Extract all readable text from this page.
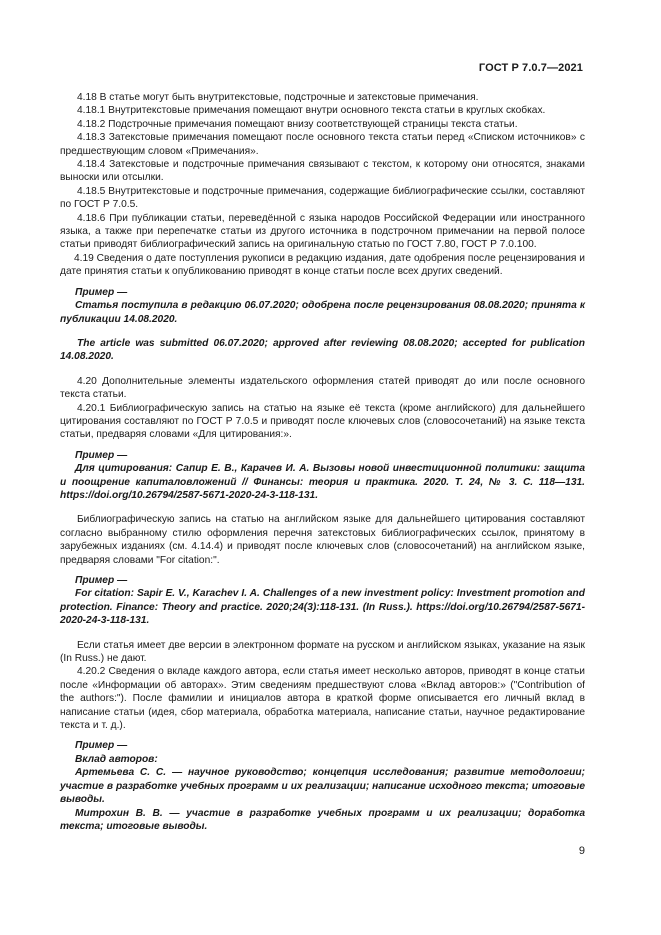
ГОСТ Р 7.0.7—2021

4.18 В статье могут быть внутритекстовые, подстрочные и затекстовые примечания.

4.18.1 Внутритекстовые примечания помещают внутри основного текста статьи в круглых скобках.

4.18.2 Подстрочные примечания помещают внизу соответствующей страницы текста статьи.

4.18.3 Затекстовые примечания помещают после основного текста статьи перед «Списком источников» с предшествующим словом «Примечания».

4.18.4 Затекстовые и подстрочные примечания связывают с текстом, к которому они относятся, знаками выноски или отсылки.

4.18.5 Внутритекстовые и подстрочные примечания, содержащие библиографические ссылки, составляют по ГОСТ Р 7.0.5.

4.18.6 При публикации статьи, переведённой с языка народов Российской Федерации или иностранного языка, а также при перепечатке статьи из другого источника в подстрочном примечании на первой полосе статьи приводят библиографический запись на оригинальную статью по ГОСТ 7.80, ГОСТ Р 7.0.100.

4.19 Сведения о дате поступления рукописи в редакцию издания, дате одобрения после рецензирования и дате принятия статьи к опубликованию приводят в конце статьи после всех других сведений.

Пример —

Статья поступила в редакцию 06.07.2020; одобрена после рецензирования 08.08.2020; принята к публикации 14.08.2020.

The article was submitted 06.07.2020; approved after reviewing 08.08.2020; accepted for publication 14.08.2020.

4.20 Дополнительные элементы издательского оформления статей приводят до или после основного текста статьи.

4.20.1 Библиографическую запись на статью на языке её текста (кроме английского) для дальнейшего цитирования составляют по ГОСТ Р 7.0.5 и приводят после ключевых слов (словосочетаний) на языке текста статьи, предваряя словами «Для цитирования:».

Пример —

Для цитирования: Сапир Е. В., Карачев И. А. Вызовы новой инвестиционной политики: защита и поощрение капиталовложений // Финансы: теория и практика. 2020. Т. 24, № 3. С. 118—131. https://doi.org/10.26794/2587-5671-2020-24-3-118-131.

Библиографическую запись на статью на английском языке для дальнейшего цитирования составляют согласно выбранному стилю оформления перечня затекстовых библиографических ссылок, принятому в зарубежных изданиях (см. 4.14.4) и приводят после ключевых слов (словосочетаний) на английском языке, предваряя словами "For citation:".

Пример —

For citation: Sapir E. V., Karachev I. A. Challenges of a new investment policy: Investment promotion and protection. Finance: Theory and practice. 2020;24(3):118-131. (In Russ.). https://doi.org/10.26794/2587-5671-2020-24-3-118-131.

Если статья имеет две версии в электронном формате на русском и английском языках, указание на язык (In Russ.) не дают.

4.20.2 Сведения о вкладе каждого автора, если статья имеет несколько авторов, приводят в конце статьи после «Информации об авторах». Этим сведениям предшествуют слова «Вклад авторов:» ("Contribution of the authors:"). После фамилии и инициалов автора в краткой форме описывается его личный вклад в написание статьи (идея, сбор материала, обработка материала, написание статьи, научное редактирование текста и т. д.).

Пример —

Вклад авторов:

Артемьева С. С. — научное руководство; концепция исследования; развитие методологии; участие в разработке учебных программ и их реализации; написание исходного текста; итоговые выводы.

Митрохин В. В. — участие в разработке учебных программ и их реализации; доработка текста; итоговые выводы.

9
